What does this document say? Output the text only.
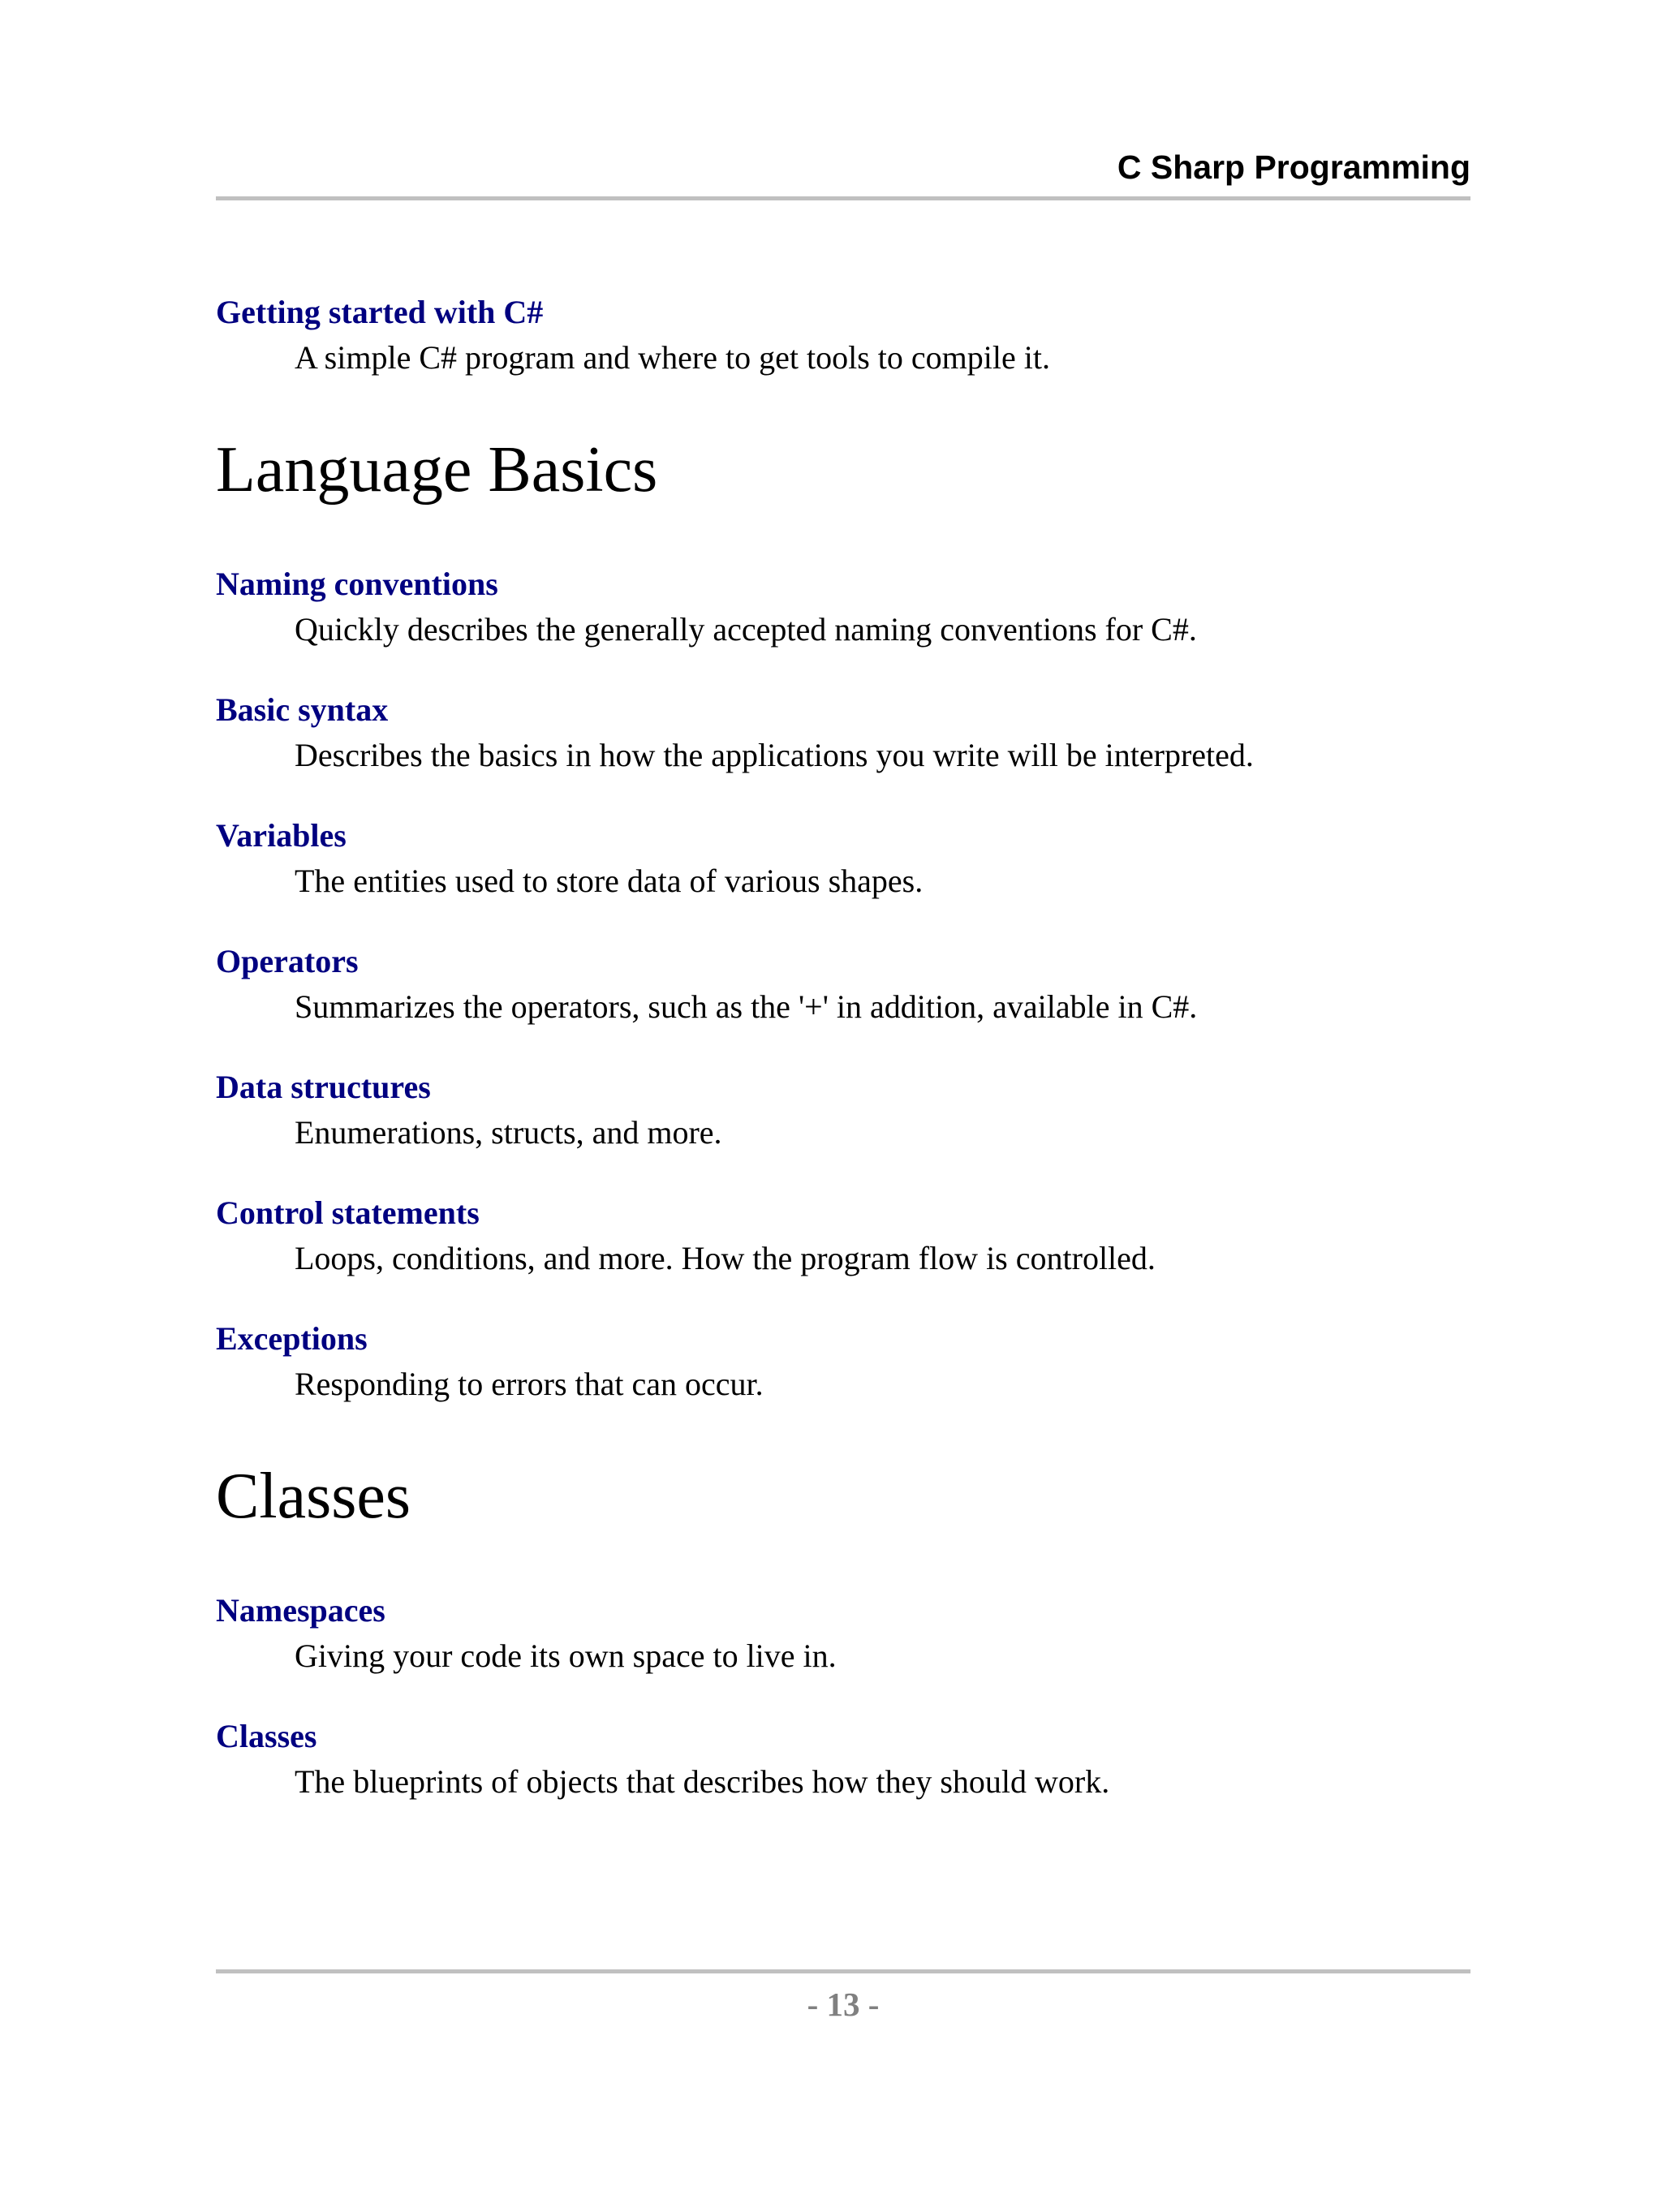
C Sharp Programming
Getting started with C#
A simple C# program and where to get tools to compile it.
Language Basics
Naming conventions
Quickly describes the generally accepted naming conventions for C#.
Basic syntax
Describes the basics in how the applications you write will be interpreted.
Variables
The entities used to store data of various shapes.
Operators
Summarizes the operators, such as the '+' in addition, available in C#.
Data structures
Enumerations, structs, and more.
Control statements
Loops, conditions, and more. How the program flow is controlled.
Exceptions
Responding to errors that can occur.
Classes
Namespaces
Giving your code its own space to live in.
Classes
The blueprints of objects that describes how they should work.
- 13 -
